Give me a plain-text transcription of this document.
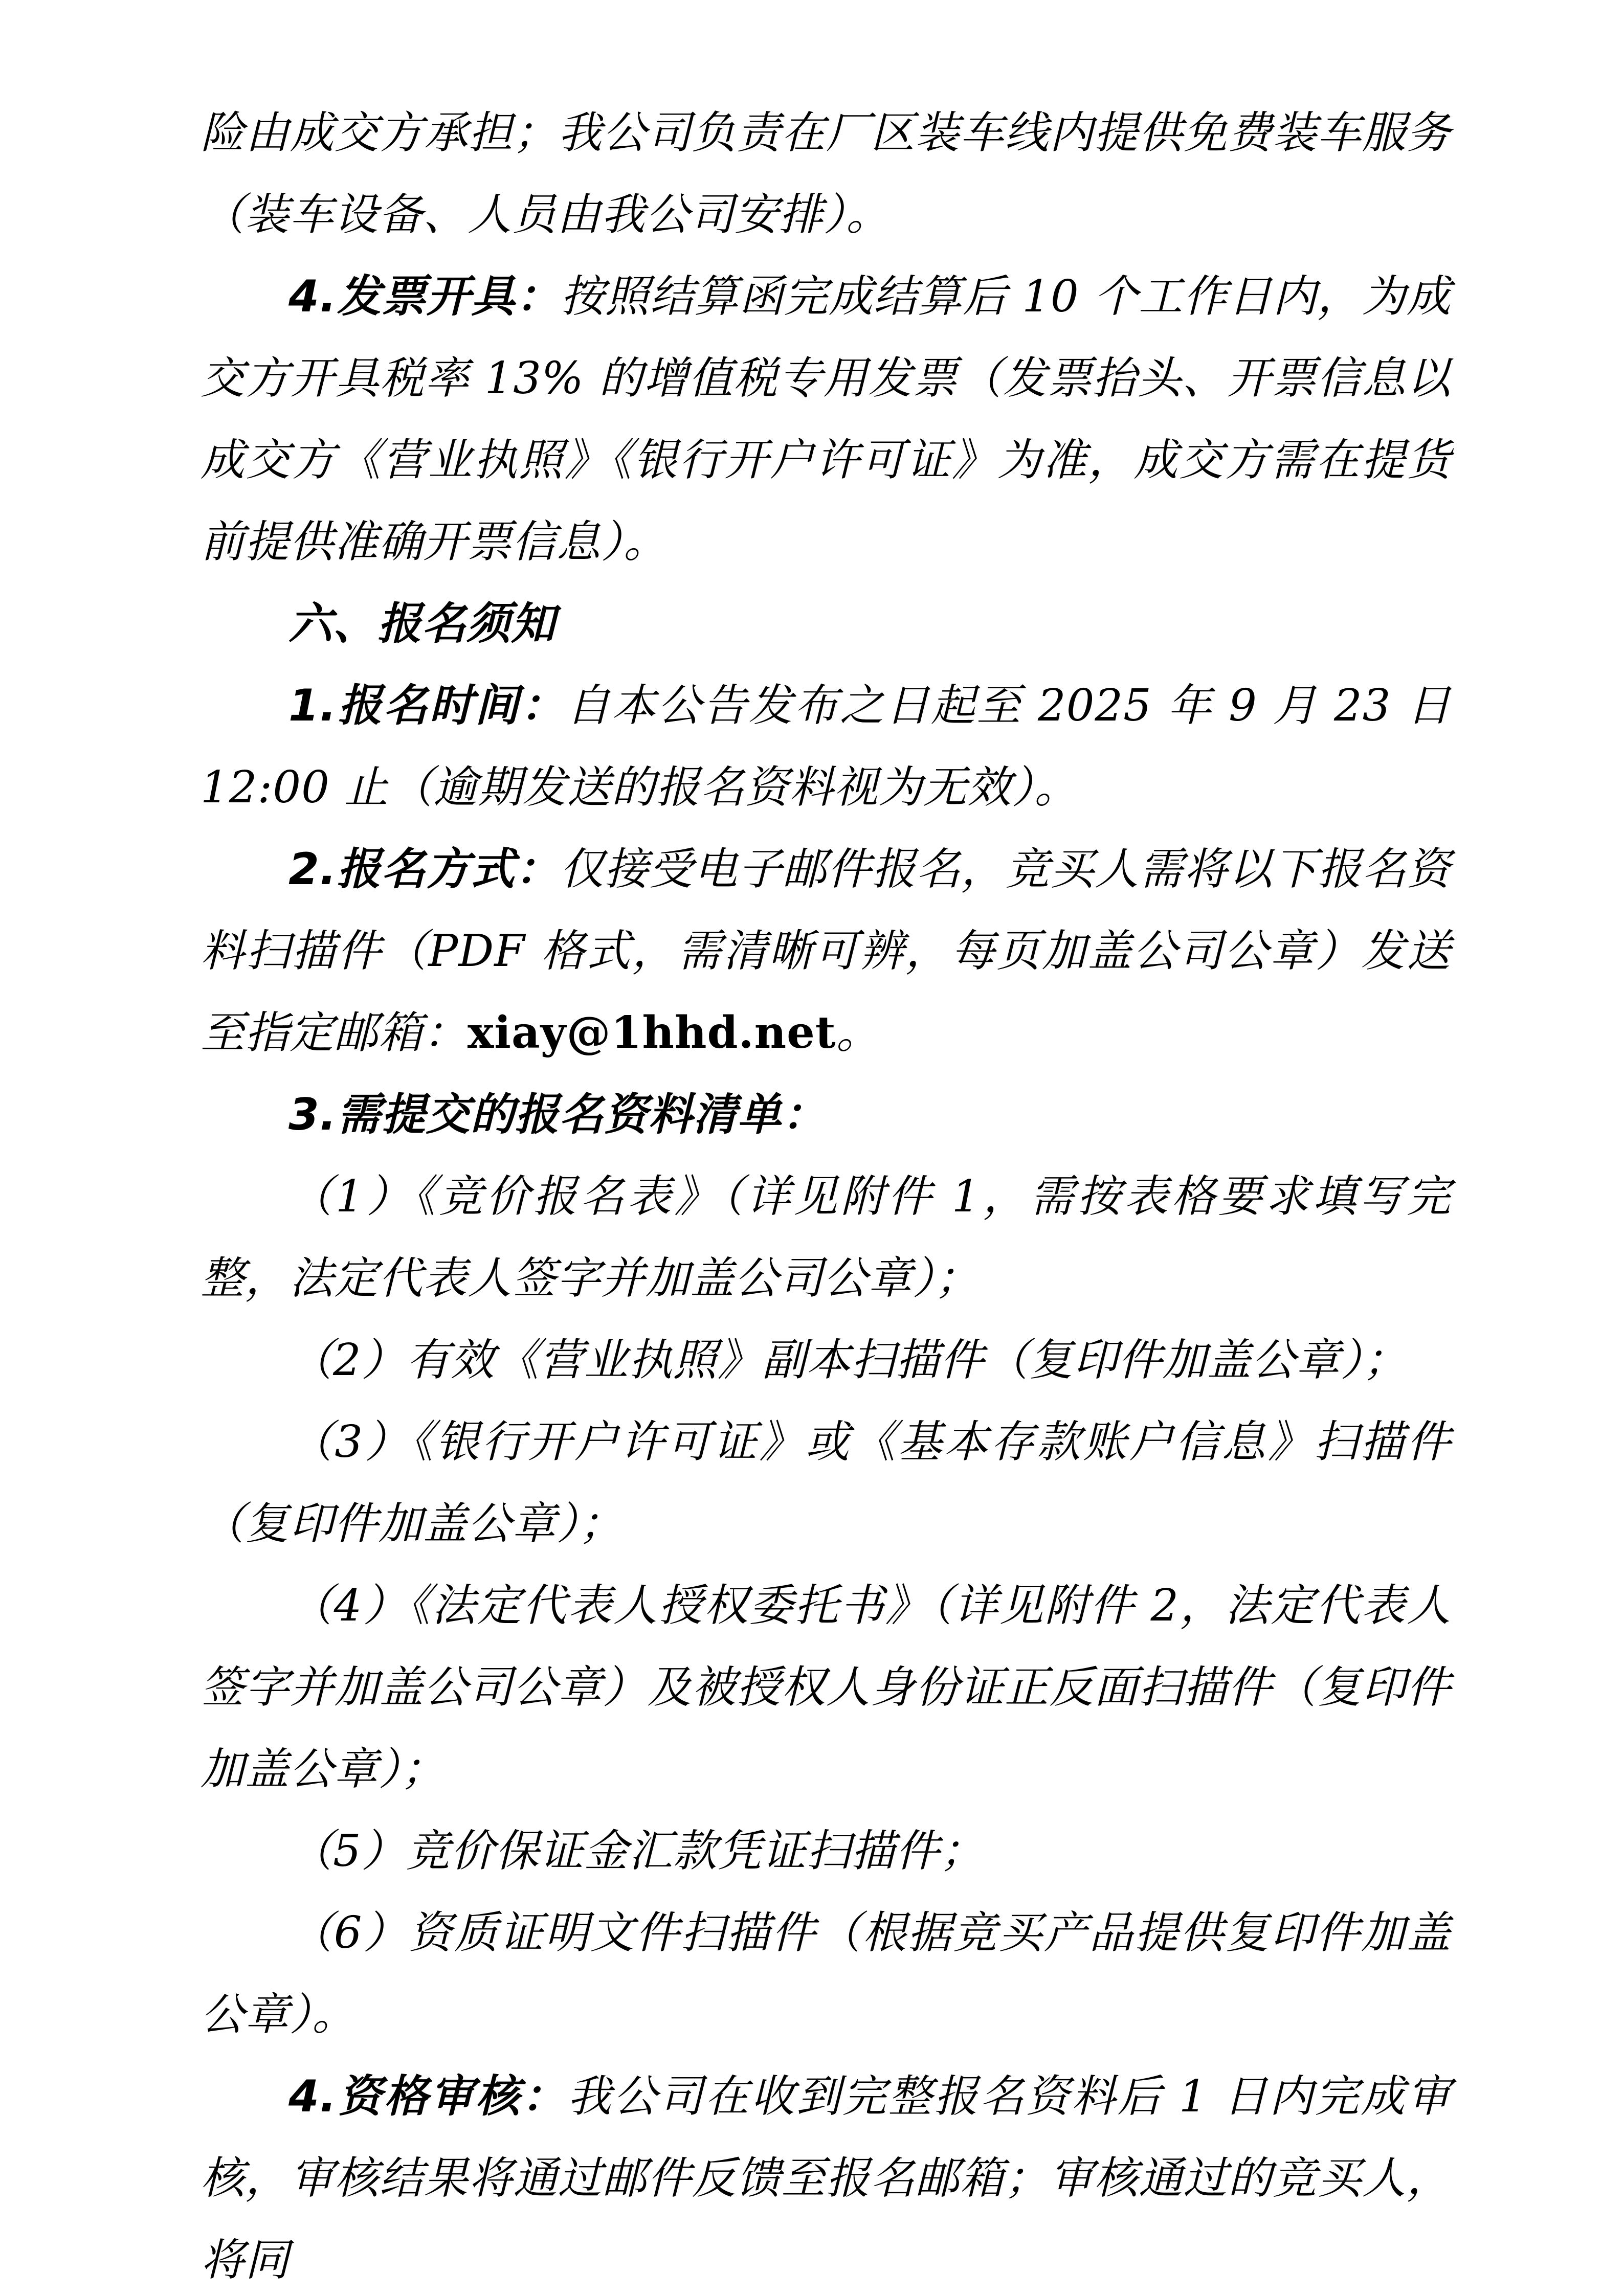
险由成交方承担；我公司负责在厂区装车线内提供免费装车服务（装车设备、人员由我公司安排）。

4.发票开具：按照结算函完成结算后 10 个工作日内，为成交方开具税率 13% 的增值税专用发票（发票抬头、开票信息以成交方《营业执照》《银行开户许可证》为准，成交方需在提货前提供准确开票信息）。

六、报名须知

1.报名时间：自本公告发布之日起至 2025 年 9 月 23 日 12:00 止（逾期发送的报名资料视为无效）。

2.报名方式：仅接受电子邮件报名，竞买人需将以下报名资料扫描件（PDF 格式，需清晰可辨，每页加盖公司公章）发送至指定邮箱：xiay@1hhd.net。

3.需提交的报名资料清单：

（1）《竞价报名表》（详见附件 1，需按表格要求填写完整，法定代表人签字并加盖公司公章）；

（2）有效《营业执照》副本扫描件（复印件加盖公章）；

（3）《银行开户许可证》或《基本存款账户信息》扫描件（复印件加盖公章）；

（4）《法定代表人授权委托书》（详见附件 2，法定代表人签字并加盖公司公章）及被授权人身份证正反面扫描件（复印件加盖公章）；

（5）竞价保证金汇款凭证扫描件；

（6）资质证明文件扫描件（根据竞买产品提供复印件加盖公章）。

4.资格审核：我公司在收到完整报名资料后 1 日内完成审核，审核结果将通过邮件反馈至报名邮箱；审核通过的竞买人，将同
